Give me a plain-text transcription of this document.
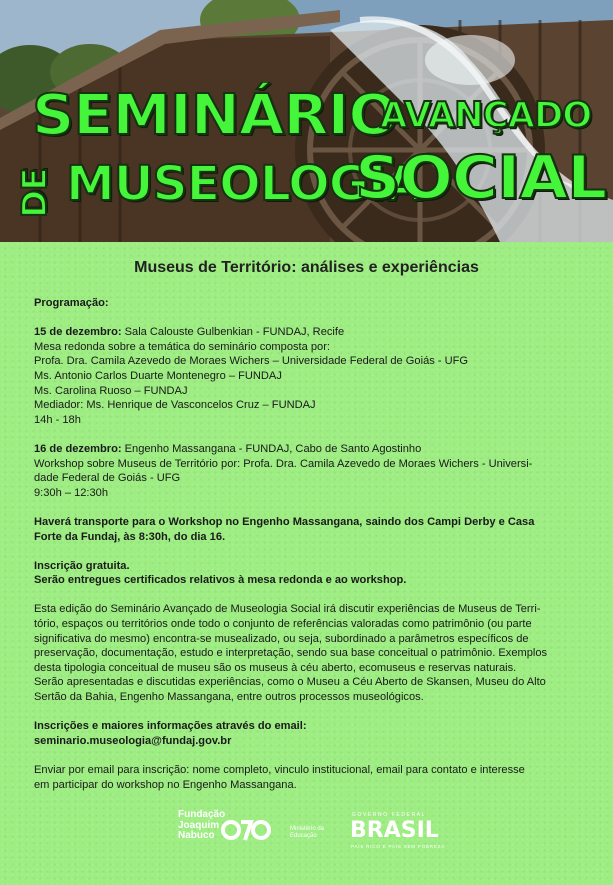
SEMINÁRIO
AVANÇADO
DE MUSEOLOGIA
SOCIAL
Museus de Território: análises e experiências

Programação:

15 de dezembro: Sala Calouste Gulbenkian - FUNDAJ, Recife
Mesa redonda sobre a temática do seminário composta por:
Profa. Dra. Camila Azevedo de Moraes Wichers – Universidade Federal de Goiás - UFG
Ms. Antonio Carlos Duarte Montenegro – FUNDAJ
Ms. Carolina Ruoso – FUNDAJ
Mediador: Ms. Henrique de Vasconcelos Cruz – FUNDAJ
14h - 18h

16 de dezembro: Engenho Massangana - FUNDAJ, Cabo de Santo Agostinho
Workshop sobre Museus de Território por: Profa. Dra. Camila Azevedo de Moraes Wichers - Universi-
dade Federal de Goiás - UFG
9:30h – 12:30h

Haverá transporte para o Workshop no Engenho Massangana, saindo dos Campi Derby e Casa
Forte da Fundaj, às 8:30h, do dia 16.

Inscrição gratuita.
Serão entregues certificados relativos à mesa redonda e ao workshop.

Esta edição do Seminário Avançado de Museologia Social irá discutir experiências de Museus de Terri-
tório, espaços ou territórios onde todo o conjunto de referências valoradas como patrimônio (ou parte
significativa do mesmo) encontra-se musealizado, ou seja, subordinado a parâmetros específicos de
preservação, documentação, estudo e interpretação, sendo sua base conceitual o patrimônio. Exemplos
desta tipologia conceitual de museu são os museus à céu aberto, ecomuseus e reservas naturais.
Serão apresentadas e discutidas experiências, como o Museu a Céu Aberto de Skansen, Museu do Alto
Sertão da Bahia, Engenho Massangana, entre outros processos museológicos.

Inscrições e maiores informações através do email:
seminario.museologia@fundaj.gov.br

Enviar por email para inscrição: nome completo, vinculo institucional, email para contato e interesse
em participar do workshop no Engenho Massangana.

Fundação
Joaquim
Nabuco
Ministério da
Educação
GOVERNO FEDERAL
BRASIL
PAÍS RICO É PAÍS SEM POBREZA
